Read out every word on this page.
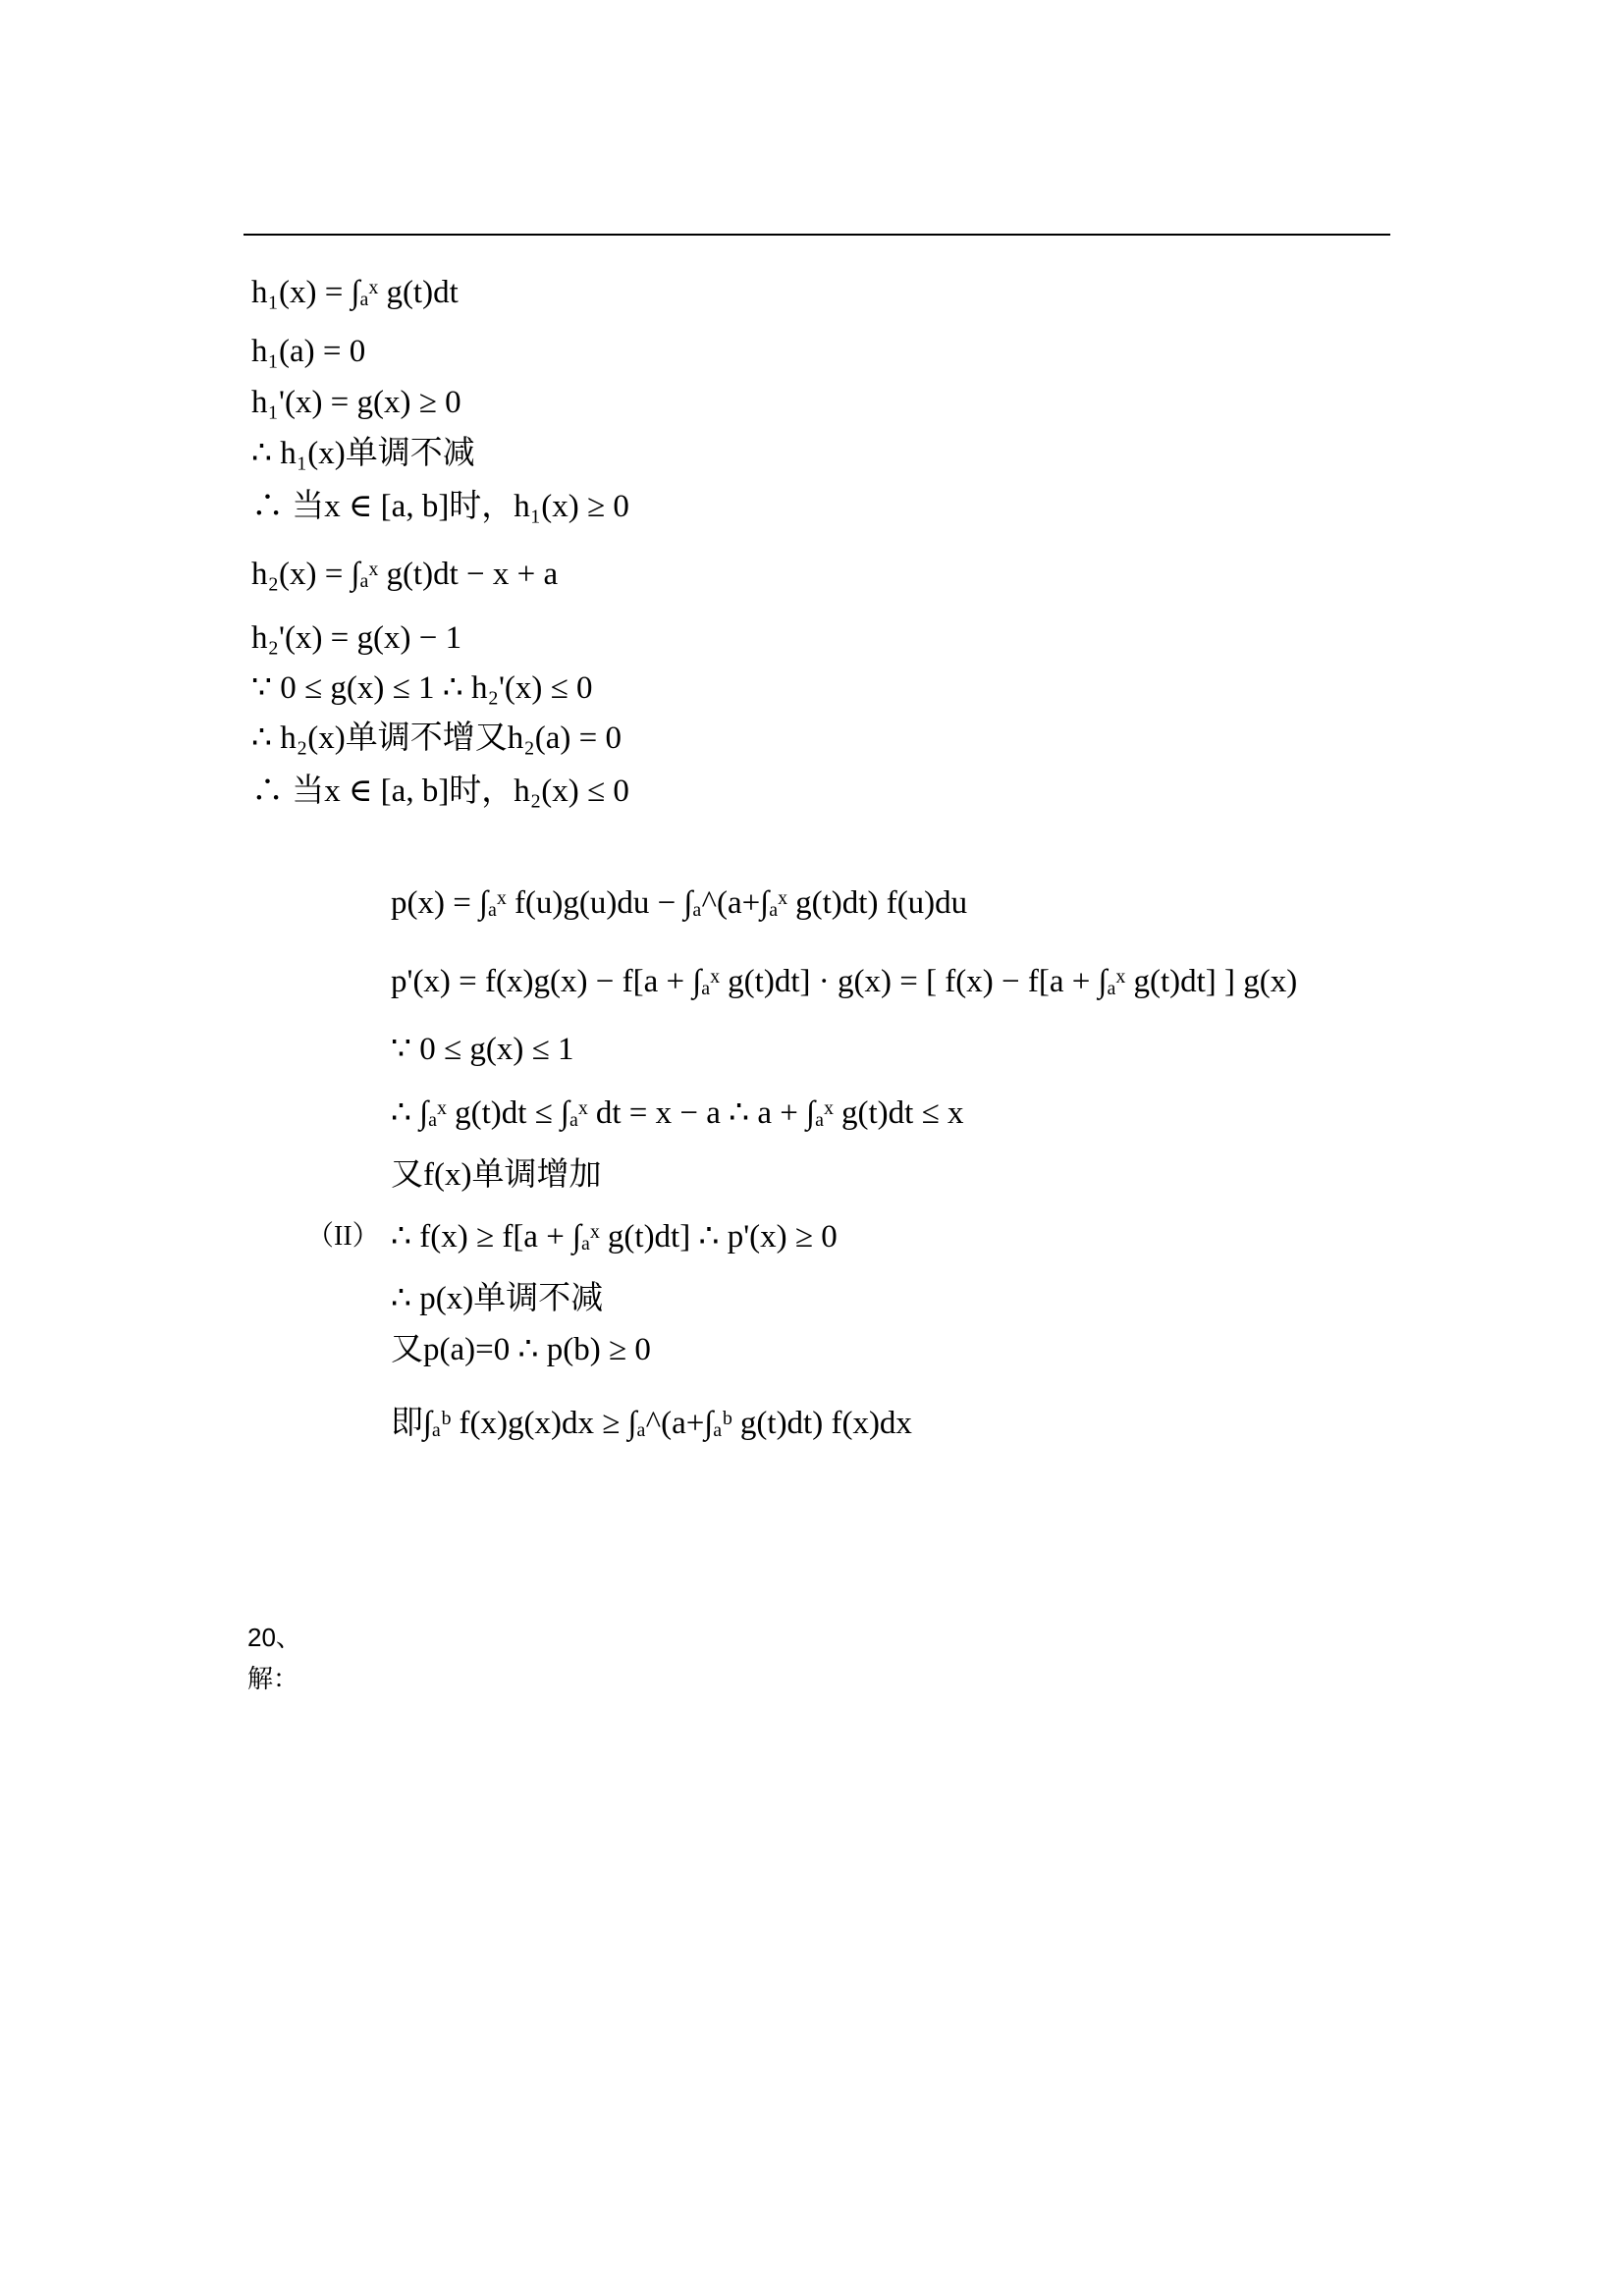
h₁(x) = ∫ₐˣ g(t)dt
h₁(a) = 0
h₁'(x) = g(x) ≥ 0
∴ h₁(x)单调不减
∴ 当x ∈ [a, b]时，h₁(x) ≥ 0
h₂(x) = ∫ₐˣ g(t)dt − x + a
h₂'(x) = g(x) − 1
∵ 0 ≤ g(x) ≤ 1 ∴ h₂'(x) ≤ 0
∴ h₂(x)单调不增又h₂(a) = 0
∴ 当x ∈ [a, b]时，h₂(x) ≤ 0
p(x) = ∫ₐˣ f(u)g(u)du − ∫ₐ^(a+∫ₐˣ g(t)dt) f(u)du
p'(x) = f(x)g(x) − f[a + ∫ₐˣ g(t)dt] · g(x) = [ f(x) − f[a + ∫ₐˣ g(t)dt] ] g(x)
∵ 0 ≤ g(x) ≤ 1
∴ ∫ₐˣ g(t)dt ≤ ∫ₐˣ dt = x − a ∴ a + ∫ₐˣ g(t)dt ≤ x
又f(x)单调增加
（II） ∴ f(x) ≥ f[a + ∫ₐˣ g(t)dt] ∴ p'(x) ≥ 0
∴ p(x)单调不减
又p(a)=0 ∴ p(b) ≥ 0
即∫ₐᵇ f(x)g(x)dx ≥ ∫ₐ^(a+∫ₐᵇ g(t)dt) f(x)dx
20、
解：
